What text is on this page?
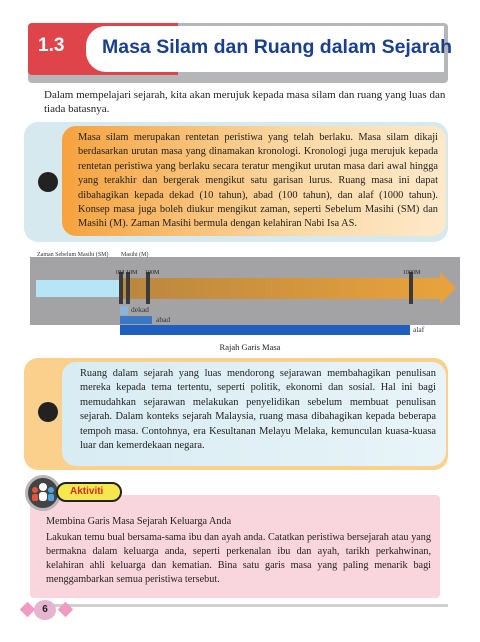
1.3 Masa Silam dan Ruang dalam Sejarah

Dalam mempelajari sejarah, kita akan merujuk kepada masa silam dan ruang yang luas dan tiada batasnya.

Masa silam merupakan rentetan peristiwa yang telah berlaku. Masa silam dikaji berdasarkan urutan masa yang dinamakan kronologi. Kronologi juga merujuk kepada rentetan peristiwa yang berlaku secara teratur mengikut urutan masa dari awal hingga yang terakhir dan bergerak mengikut satu garisan lurus. Ruang masa ini dapat dibahagikan kepada dekad (10 tahun), abad (100 tahun), dan alaf (1000 tahun). Konsep masa juga boleh diukur mengikut zaman, seperti Sebelum Masihi (SM) dan Masihi (M). Zaman Masihi bermula dengan kelahiran Nabi Isa AS.

Zaman Sebelum Masihi (SM)	Masihi (M)
0M 10M 100M	1000M
dekad
abad
alaf
Rajah Garis Masa

Ruang dalam sejarah yang luas mendorong sejarawan membahagikan penulisan mereka kepada tema tertentu, seperti politik, ekonomi dan sosial. Hal ini bagi memudahkan sejarawan melakukan penyelidikan sebelum membuat penulisan sejarah. Dalam konteks sejarah Malaysia, ruang masa dibahagikan kepada beberapa tempoh masa. Contohnya, era Kesultanan Melayu Melaka, kemunculan kuasa-kuasa luar dan kemerdekaan negara.

Aktiviti
Membina Garis Masa Sejarah Keluarga Anda

Lakukan temu bual bersama-sama ibu dan ayah anda. Catatkan peristiwa bersejarah atau yang bermakna dalam keluarga anda, seperti perkenalan ibu dan ayah, tarikh perkahwinan, kelahiran ahli keluarga dan kematian. Bina satu garis masa yang paling menarik bagi menggambarkan semua peristiwa tersebut.

6
